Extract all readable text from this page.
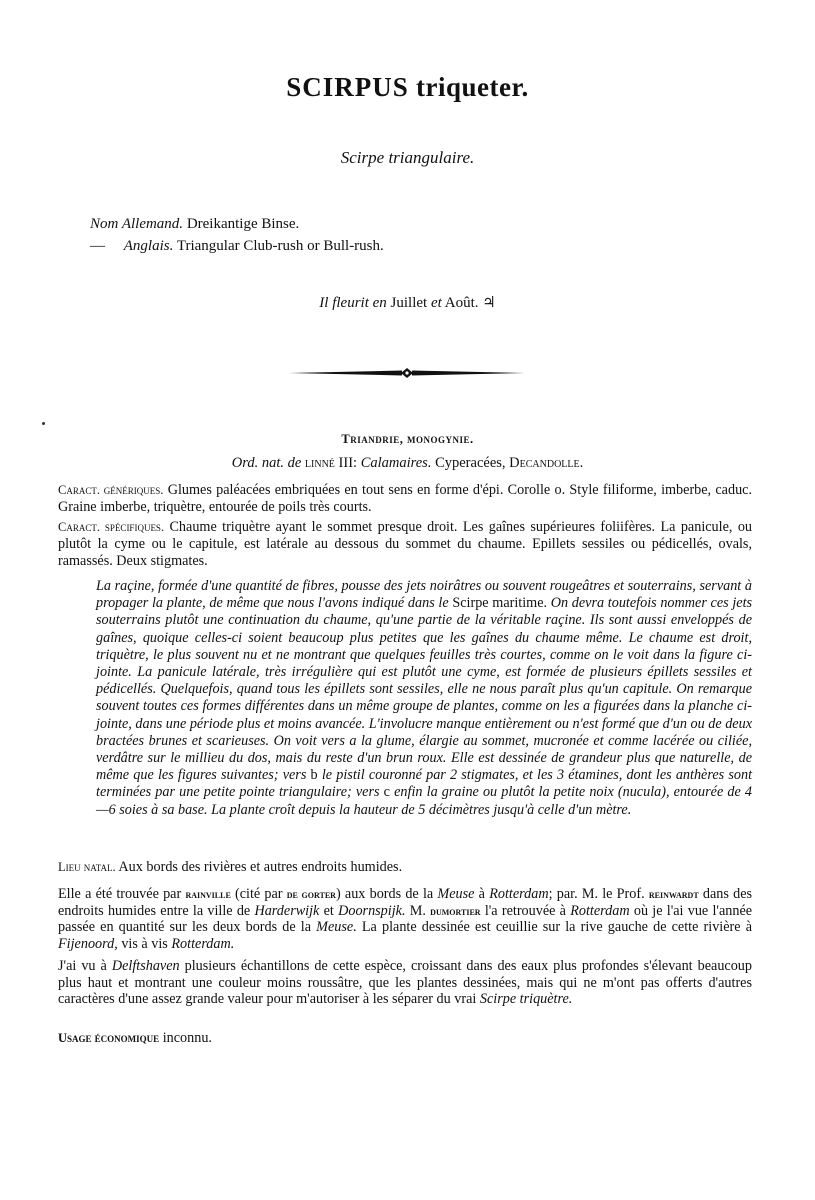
SCIRPUS triqueter.
Scirpe triangulaire.
Nom Allemand. Dreikantige Binse.
— Anglais. Triangular Club-rush or Bull-rush.
Il fleurit en Juillet et Août. ♃
Triandrie, monogynie.
Ord. nat. de linné III: Calamaires. Cyperacées, Decandolle.
Caract. génériques. Glumes paléacées embriquées en tout sens en forme d'épi. Corolle o. Style filiforme, imberbe, caduc. Graine imberbe, triquètre, entourée de poils très courts.
Caract. spécifiques. Chaume triquètre ayant le sommet presque droit. Les gaînes supérieures foliifères. La panicule, ou plutôt la cyme ou le capitule, est latérale au dessous du sommet du chaume. Epillets sessiles ou pédicellés, ovals, ramassés. Deux stigmates.
La raçine, formée d'une quantité de fibres, pousse des jets noirâtres ou souvent rougeâtres et souterrains, servant à propager la plante, de même que nous l'avons indiqué dans le Scirpe maritime. On devra toutefois nommer ces jets souterrains plutôt une continuation du chaume, qu'une partie de la véritable raçine. Ils sont aussi enveloppés de gaînes, quoique celles-ci soient beaucoup plus petites que les gaînes du chaume même. Le chaume est droit, triquètre, le plus souvent nu et ne montrant que quelques feuilles très courtes, comme on le voit dans la figure ci-jointe. La panicule latérale, très irrégulière qui est plutôt une cyme, est formée de plusieurs épillets sessiles et pédicellés. Quelquefois, quand tous les épillets sont sessiles, elle ne nous paraît plus qu'un capitule. On remarque souvent toutes ces formes différentes dans un même groupe de plantes, comme on les a figurées dans la planche ci-jointe, dans une période plus et moins avancée. L'involucre manque entièrement ou n'est formé que d'un ou de deux bractées brunes et scarieuses. On voit vers a la glume, élargie au sommet, mucronée et comme lacérée ou ciliée, verdâtre sur le millieu du dos, mais du reste d'un brun roux. Elle est dessinée de grandeur plus que naturelle, de même que les figures suivantes; vers b le pistil couronné par 2 stigmates, et les 3 étamines, dont les anthères sont terminées par une petite pointe triangulaire; vers c enfin la graine ou plutôt la petite noix (nucula), entourée de 4—6 soies à sa base. La plante croît depuis la hauteur de 5 décimètres jusqu'à celle d'un mètre.
Lieu natal. Aux bords des rivières et autres endroits humides.
Elle a été trouvée par rainville (cité par de gorter) aux bords de la Meuse à Rotterdam; par. M. le Prof. reinwardt dans des endroits humides entre la ville de Harderwijk et Doornspijk. M. dumortier l'a retrouvée à Rotterdam où je l'ai vue l'année passée en quantité sur les deux bords de la Meuse. La plante dessinée est ceuillie sur la rive gauche de cette rivière à Fijenoord, vis à vis Rotterdam.
J'ai vu à Delftshaven plusieurs échantillons de cette espèce, croissant dans des eaux plus profondes s'élevant beaucoup plus haut et montrant une couleur moins roussâtre, que les plantes dessinées, mais qui ne m'ont pas offerts d'autres caractères d'une assez grande valeur pour m'autoriser à les séparer du vrai Scirpe triquètre.
Usage économique inconnu.
